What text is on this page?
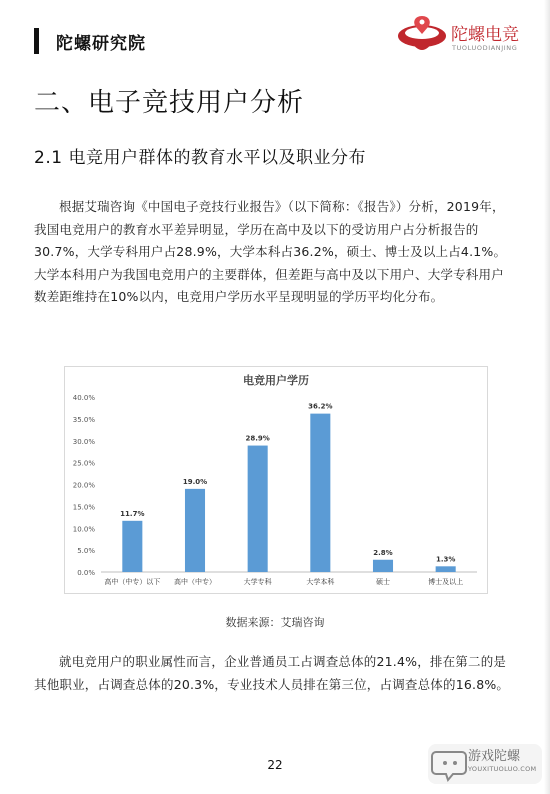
陀螺研究院	陀螺电竞
TUOLUODIANJING
二、电子竞技用户分析
2.1 电竞用户群体的教育水平以及职业分布
根据艾瑞咨询《中国电子竞技行业报告》（以下简称：《报告》）分析，2019年，我国电竞用户的教育水平差异明显，学历在高中及以下的受访用户占分析报告的30.7%，大学专科用户占28.9%，大学本科占36.2%，硕士、博士及以上占4.1%。大学本科用户为我国电竞用户的主要群体，但差距与高中及以下用户、大学专科用户数差距维持在10%以内，电竞用户学历水平呈现明显的学历平均化分布。
电竞用户学历
0.0%
5.0%
10.0%
15.0%
20.0%
25.0%
30.0%
35.0%
40.0%
11.7%
高中（中专）以下
19.0%
高中（中专）
28.9%
大学专科
36.2%
大学本科
2.8%
硕士
1.3%
博士及以上
数据来源：艾瑞咨询
就电竞用户的职业属性而言，企业普通员工占调查总体的21.4%，排在第二的是其他职业，占调查总体的20.3%，专业技术人员排在第三位，占调查总体的16.8%。
22
游戏陀螺
YOUXITUOLUO.COM
